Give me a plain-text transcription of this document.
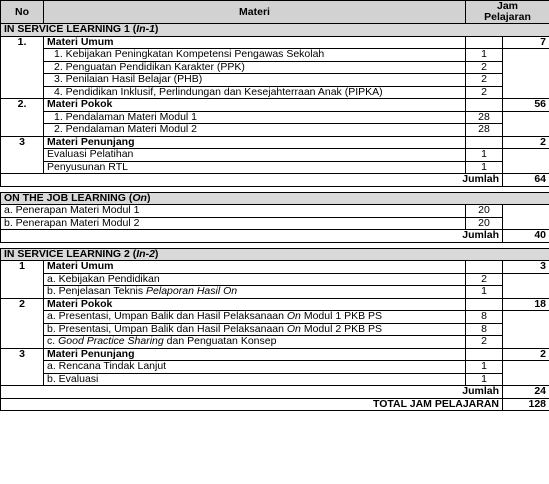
No	Materi	Jam
Pelajaran	
IN SERVICE LEARNING 1 (In-1)			
1.	Materi Umum		7
	1. Kebijakan Peningkatan Kompetensi Pengawas Sekolah	1	
	2. Penguatan Pendidikan Karakter (PPK)	2	
	3. Penilaian Hasil Belajar (PHB)	2	
	4. Pendidikan Inklusif, Perlindungan dan Kesejahterraan Anak (PIPKA)	2	
2.	Materi Pokok		56
	1. Pendalaman Materi Modul 1	28	
	2. Pendalaman Materi Modul 2	28	
3	Materi Penunjang		2
	Evaluasi Pelatihan	1	
	Penyusunan RTL	1	
Jumlah			64

ON THE JOB LEARNING (On)			
a. Penerapan Materi Modul 1		20	
b. Penerapan Materi Modul 2		20	
Jumlah			40

IN SERVICE LEARNING 2 (In-2)			
1	Materi Umum		3
	a. Kebijakan Pendidikan	2	
	b. Penjelasan Teknis Pelaporan Hasil On	1	
2	Materi Pokok		18
	a. Presentasi, Umpan Balik dan Hasil Pelaksanaan On Modul 1 PKB PS	8	
	b. Presentasi, Umpan Balik dan Hasil Pelaksanaan On Modul 2 PKB PS	8	
	c. Good Practice Sharing dan Penguatan Konsep	2	
3	Materi Penunjang		2
	a. Rencana Tindak Lanjut	1	
	b. Evaluasi	1	
Jumlah			24
TOTAL JAM PELAJARAN			128
